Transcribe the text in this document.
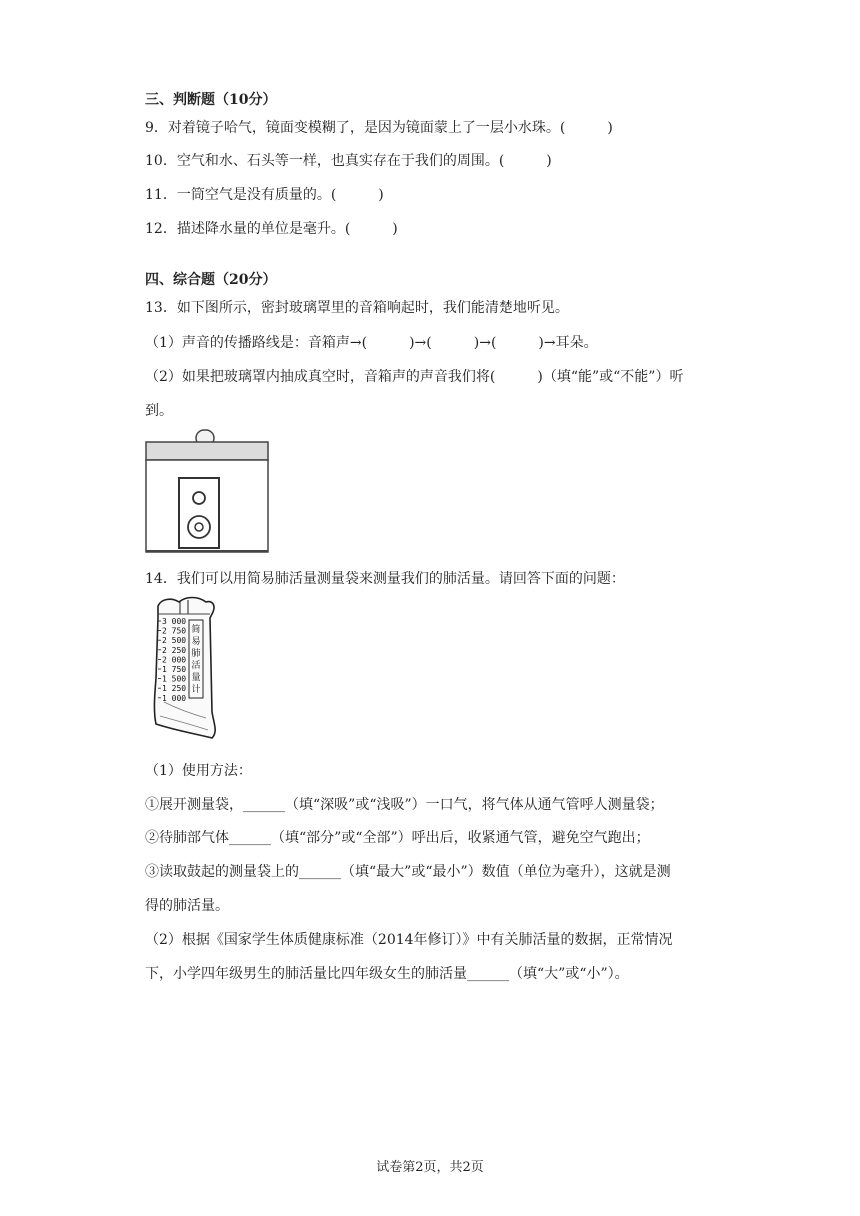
三、判断题（10分）
9．对着镜子哈气，镜面变模糊了，是因为镜面蒙上了一层小水珠。(　　　)
10．空气和水、石头等一样，也真实存在于我们的周围。(　　　)
11．一筒空气是没有质量的。(　　　)
12．描述降水量的单位是毫升。(　　　)
四、综合题（20分）
13．如下图所示，密封玻璃罩里的音箱响起时，我们能清楚地听见。
（1）声音的传播路线是：音箱声→(　　　)→(　　　)→(　　　)→耳朵。
（2）如果把玻璃罩内抽成真空时，音箱声的声音我们将(　　　)（填“能”或“不能”）听
到。
14．我们可以用简易肺活量测量袋来测量我们的肺活量。请回答下面的问题：
3 000
2 750
2 500
2 250
2 000
1 750
1 500
1 250
1 000
简
易
肺
活
量
计
（1）使用方法：
①展开测量袋，______（填“深吸”或“浅吸”）一口气，将气体从通气管呼人测量袋；
②待肺部气体______（填“部分”或“全部”）呼出后，收紧通气管，避免空气跑出；
③读取鼓起的测量袋上的______（填“最大”或“最小”）数值（单位为毫升），这就是测
得的肺活量。
（2）根据《国家学生体质健康标准（2014年修订）》中有关肺活量的数据，正常情况
下，小学四年级男生的肺活量比四年级女生的肺活量______（填“大”或“小”）。
试卷第2页，共2页
